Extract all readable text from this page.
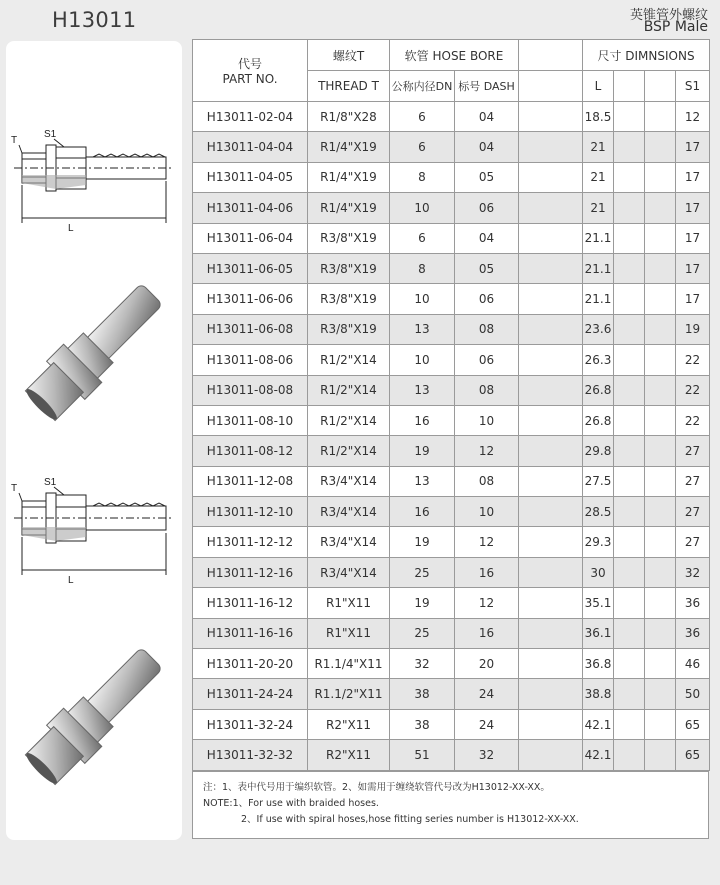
H13011	英锥管外螺纹
BSP Male
T
S1
L
T
S1
L
代号
PART NO.	螺纹T	软管 HOSE BORE			尺寸 DIMNSIONS			
	THREAD T	公称内径DN	标号 DASH		L			S1
H13011-02-04	R1/8"X28	6	04		18.5			12
H13011-04-04	R1/4"X19	6	04		21			17
H13011-04-05	R1/4"X19	8	05		21			17
H13011-04-06	R1/4"X19	10	06		21			17
H13011-06-04	R3/8"X19	6	04		21.1			17
H13011-06-05	R3/8"X19	8	05		21.1			17
H13011-06-06	R3/8"X19	10	06		21.1			17
H13011-06-08	R3/8"X19	13	08		23.6			19
H13011-08-06	R1/2"X14	10	06		26.3			22
H13011-08-08	R1/2"X14	13	08		26.8			22
H13011-08-10	R1/2"X14	16	10		26.8			22
H13011-08-12	R1/2"X14	19	12		29.8			27
H13011-12-08	R3/4"X14	13	08		27.5			27
H13011-12-10	R3/4"X14	16	10		28.5			27
H13011-12-12	R3/4"X14	19	12		29.3			27
H13011-12-16	R3/4"X14	25	16		30			32
H13011-16-12	R1"X11	19	12		35.1			36
H13011-16-16	R1"X11	25	16		36.1			36
H13011-20-20	R1.1/4"X11	32	20		36.8			46
H13011-24-24	R1.1/2"X11	38	24		38.8			50
H13011-32-24	R2"X11	38	24		42.1			65
H13011-32-32	R2"X11	51	32		42.1			65
注：1、表中代号用于编织软管。2、如需用于缠绕软管代号改为H13012-XX-XX。
NOTE:1、For use with braided hoses.
2、If use with spiral hoses,hose fitting series number is H13012-XX-XX.
